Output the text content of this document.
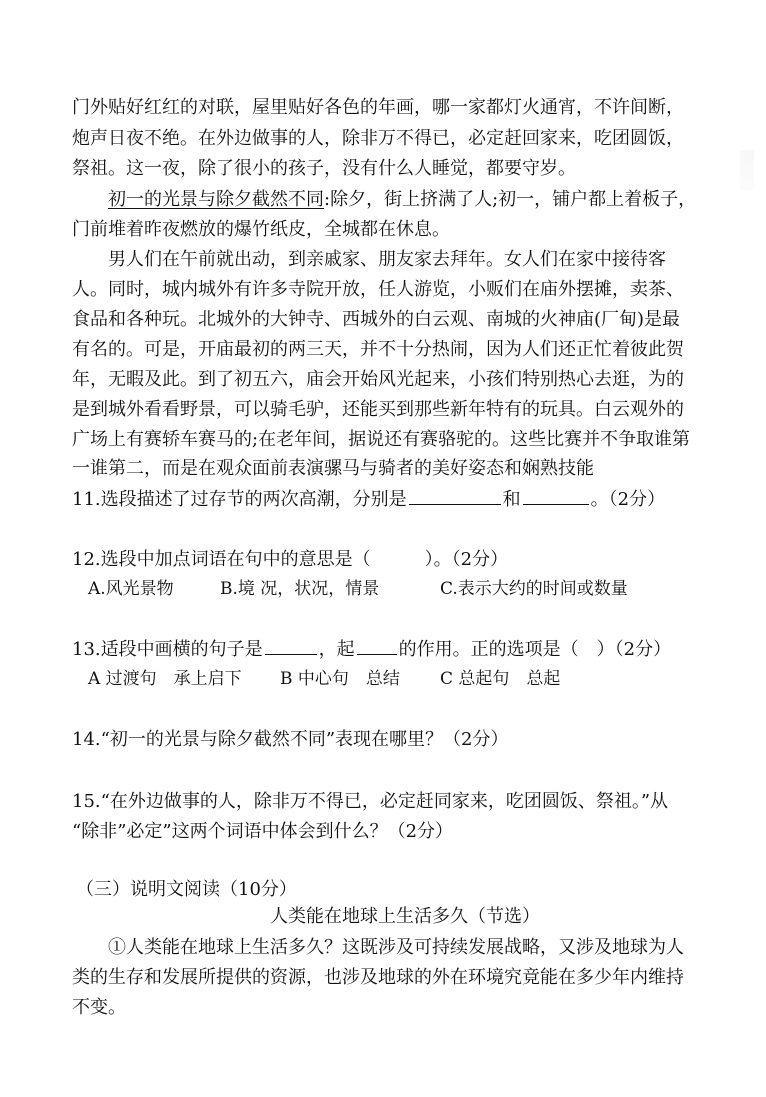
门外贴好红红的对联，屋里贴好各色的年画，哪一家都灯火通宵，不许间断，
炮声日夜不绝。在外边做事的人，除非万不得已，必定赶回家来，吃团圆饭，
祭祖。这一夜，除了很小的孩子，没有什么人睡觉，都要守岁。
初一的光景与除夕截然不同:除夕，街上挤满了人;初一，铺户都上着板子，
门前堆着昨夜燃放的爆竹纸皮，全城都在休息。
男人们在午前就出动，到亲戚家、朋友家去拜年。女人们在家中接待客
人。同时，城内城外有许多寺院开放，任人游览，小贩们在庙外摆摊，卖茶、
食品和各种玩。北城外的大钟寺、西城外的白云观、南城的火神庙(厂甸)是最
有名的。可是，开庙最初的两三天，并不十分热闹，因为人们还正忙着彼此贺
年，无暇及此。到了初五六，庙会开始风光起来，小孩们特别热心去逛，为的
是到城外看看野景，可以骑毛驴，还能买到那些新年特有的玩具。白云观外的
广场上有赛轿车赛马的;在老年间，据说还有赛骆驼的。这些比赛并不争取谁第
一谁第二，而是在观众面前表演骡马与骑者的美好姿态和娴熟技能
11.选段描述了过存节的两次高潮，分别是	和	。（2分）
12.选段中加点词语在句中的意思是（　　　）。（2分）
A.风光景物	B.境 况，状况，情景	C.表示大约的时间或数量
13.适段中画横的句子是	，起 的作用。正的选项是（　）（2分）
A 过渡句　承上启下 B 中心句　总结 C 总起句　总起
14.“初一的光景与除夕截然不同”表现在哪里？（2分）
15.“在外边做事的人，除非万不得已，必定赶同家来，吃团圆饭、祭祖。”从
“除非”必定”这两个词语中体会到什么？（2分）
（三）说明文阅读（10分）
人类能在地球上生活多久（节选）
①人类能在地球上生活多久？这既涉及可持续发展战略，又涉及地球为人
类的生存和发展所提供的资源，也涉及地球的外在环境究竟能在多少年内维持
不变。
